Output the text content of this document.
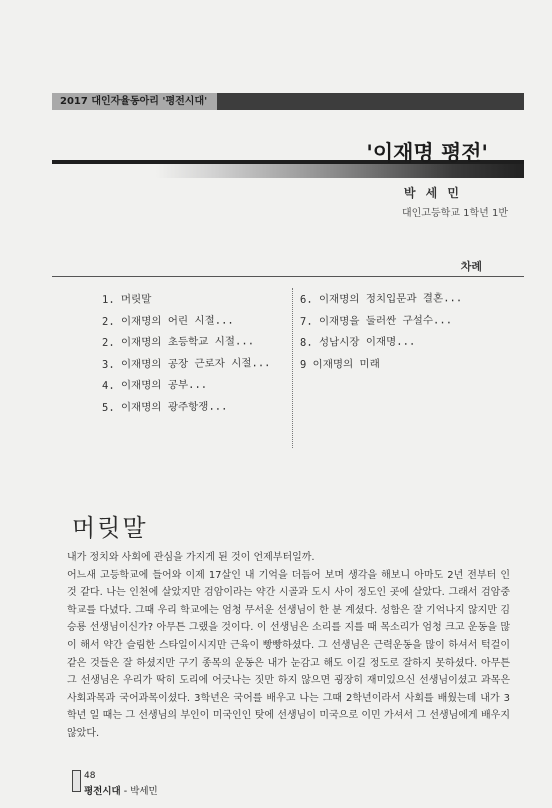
2017 대인자율동아리 '평전시대'
'이재명 평전'
박 세 민
대인고등학교 1학년 1반
차례
1. 머릿말
2. 이재명의 어린 시절...
2. 이재명의 초등학교 시절...
3. 이재명의 공장 근로자 시절...
4. 이재명의 공부...
5. 이재명의 광주항쟁...
6. 이재명의 정치입문과 결혼...
7. 이재명을 둘러싼 구설수...
8. 성남시장 이재명...
9 이재명의 미래
머릿말

내가 정치와 사회에 관심을 가지게 된 것이 언제부터일까.

어느새 고등학교에 들어와 이제 17살인 내 기억을 더듬어 보며 생각을 해보니 아마도 2년 전부터 인 것 같다. 나는 인천에 살았지만 검암이라는 약간 시골과 도시 사이 정도인 곳에 살았다. 그래서 검암중학교를 다녔다. 그때 우리 학교에는 엄청 무서운 선생님이 한 분 계셨다. 성함은 잘 기억나지 않지만 김승룡 선생님이신가? 아무튼 그랬을 것이다. 이 선생님은 소리를 지를 때 목소리가 엄청 크고 운동을 많이 해서 약간 슬림한 스타일이시지만 근육이 빵빵하셨다. 그 선생님은 근력운동을 많이 하셔서 턱걸이 같은 것들은 잘 하셨지만 구기 종목의 운동은 내가 눈감고 해도 이길 정도로 잘하지 못하셨다. 아무튼 그 선생님은 우리가 딱히 도리에 어긋나는 짓만 하지 않으면 굉장히 재미있으신 선생님이셨고 과목은 사회과목과 국어과목이셨다. 3학년은 국어를 배우고 나는 그때 2학년이라서 사회를 배웠는데 내가 3학년 일 때는 그 선생님의 부인이 미국인인 탓에 선생님이 미국으로 이민 가셔서 그 선생님에게 배우지 않았다.

48
평전시대 - 박세민
